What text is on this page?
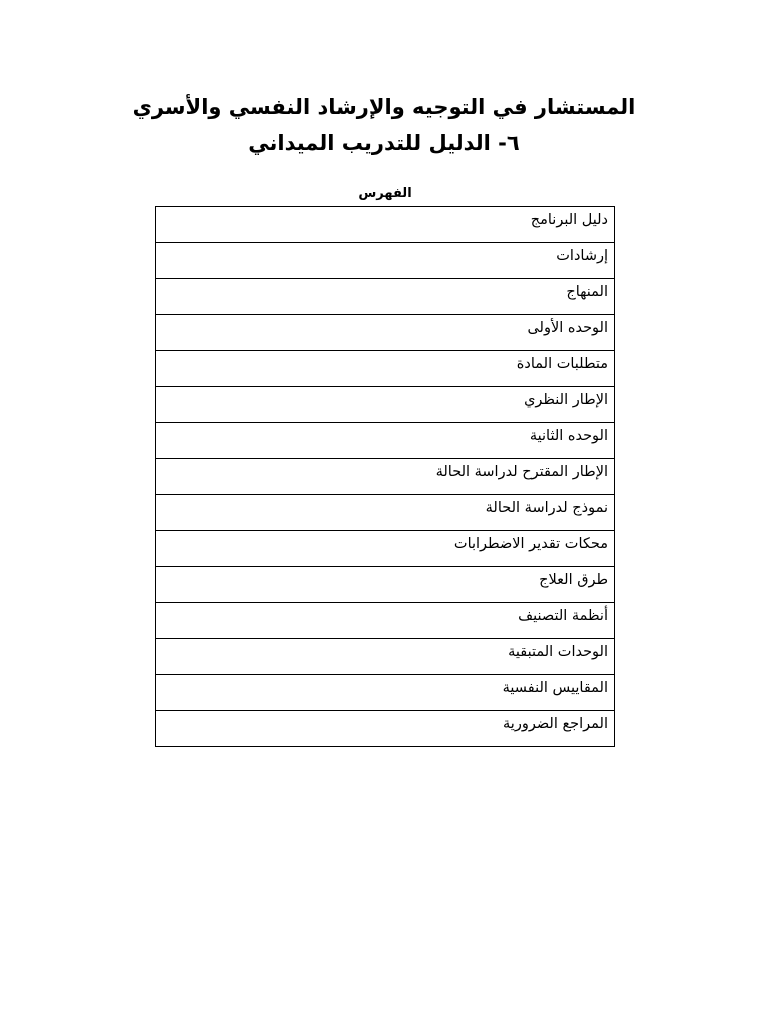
المستشار في التوجيه والإرشاد النفسي والأسري
٦- الدليل للتدريب الميداني
الفهرس
دليل البرنامج
إرشادات
المنهاج
الوحده الأولى
متطلبات المادة
الإطار النظري
الوحده الثانية
الإطار المقترح لدراسة الحالة
نموذج لدراسة الحالة
محكات تقدير الاضطرابات
طرق العلاج
أنظمة التصنيف
الوحدات المتبقية
المقاييس النفسية
المراجع الضرورية
